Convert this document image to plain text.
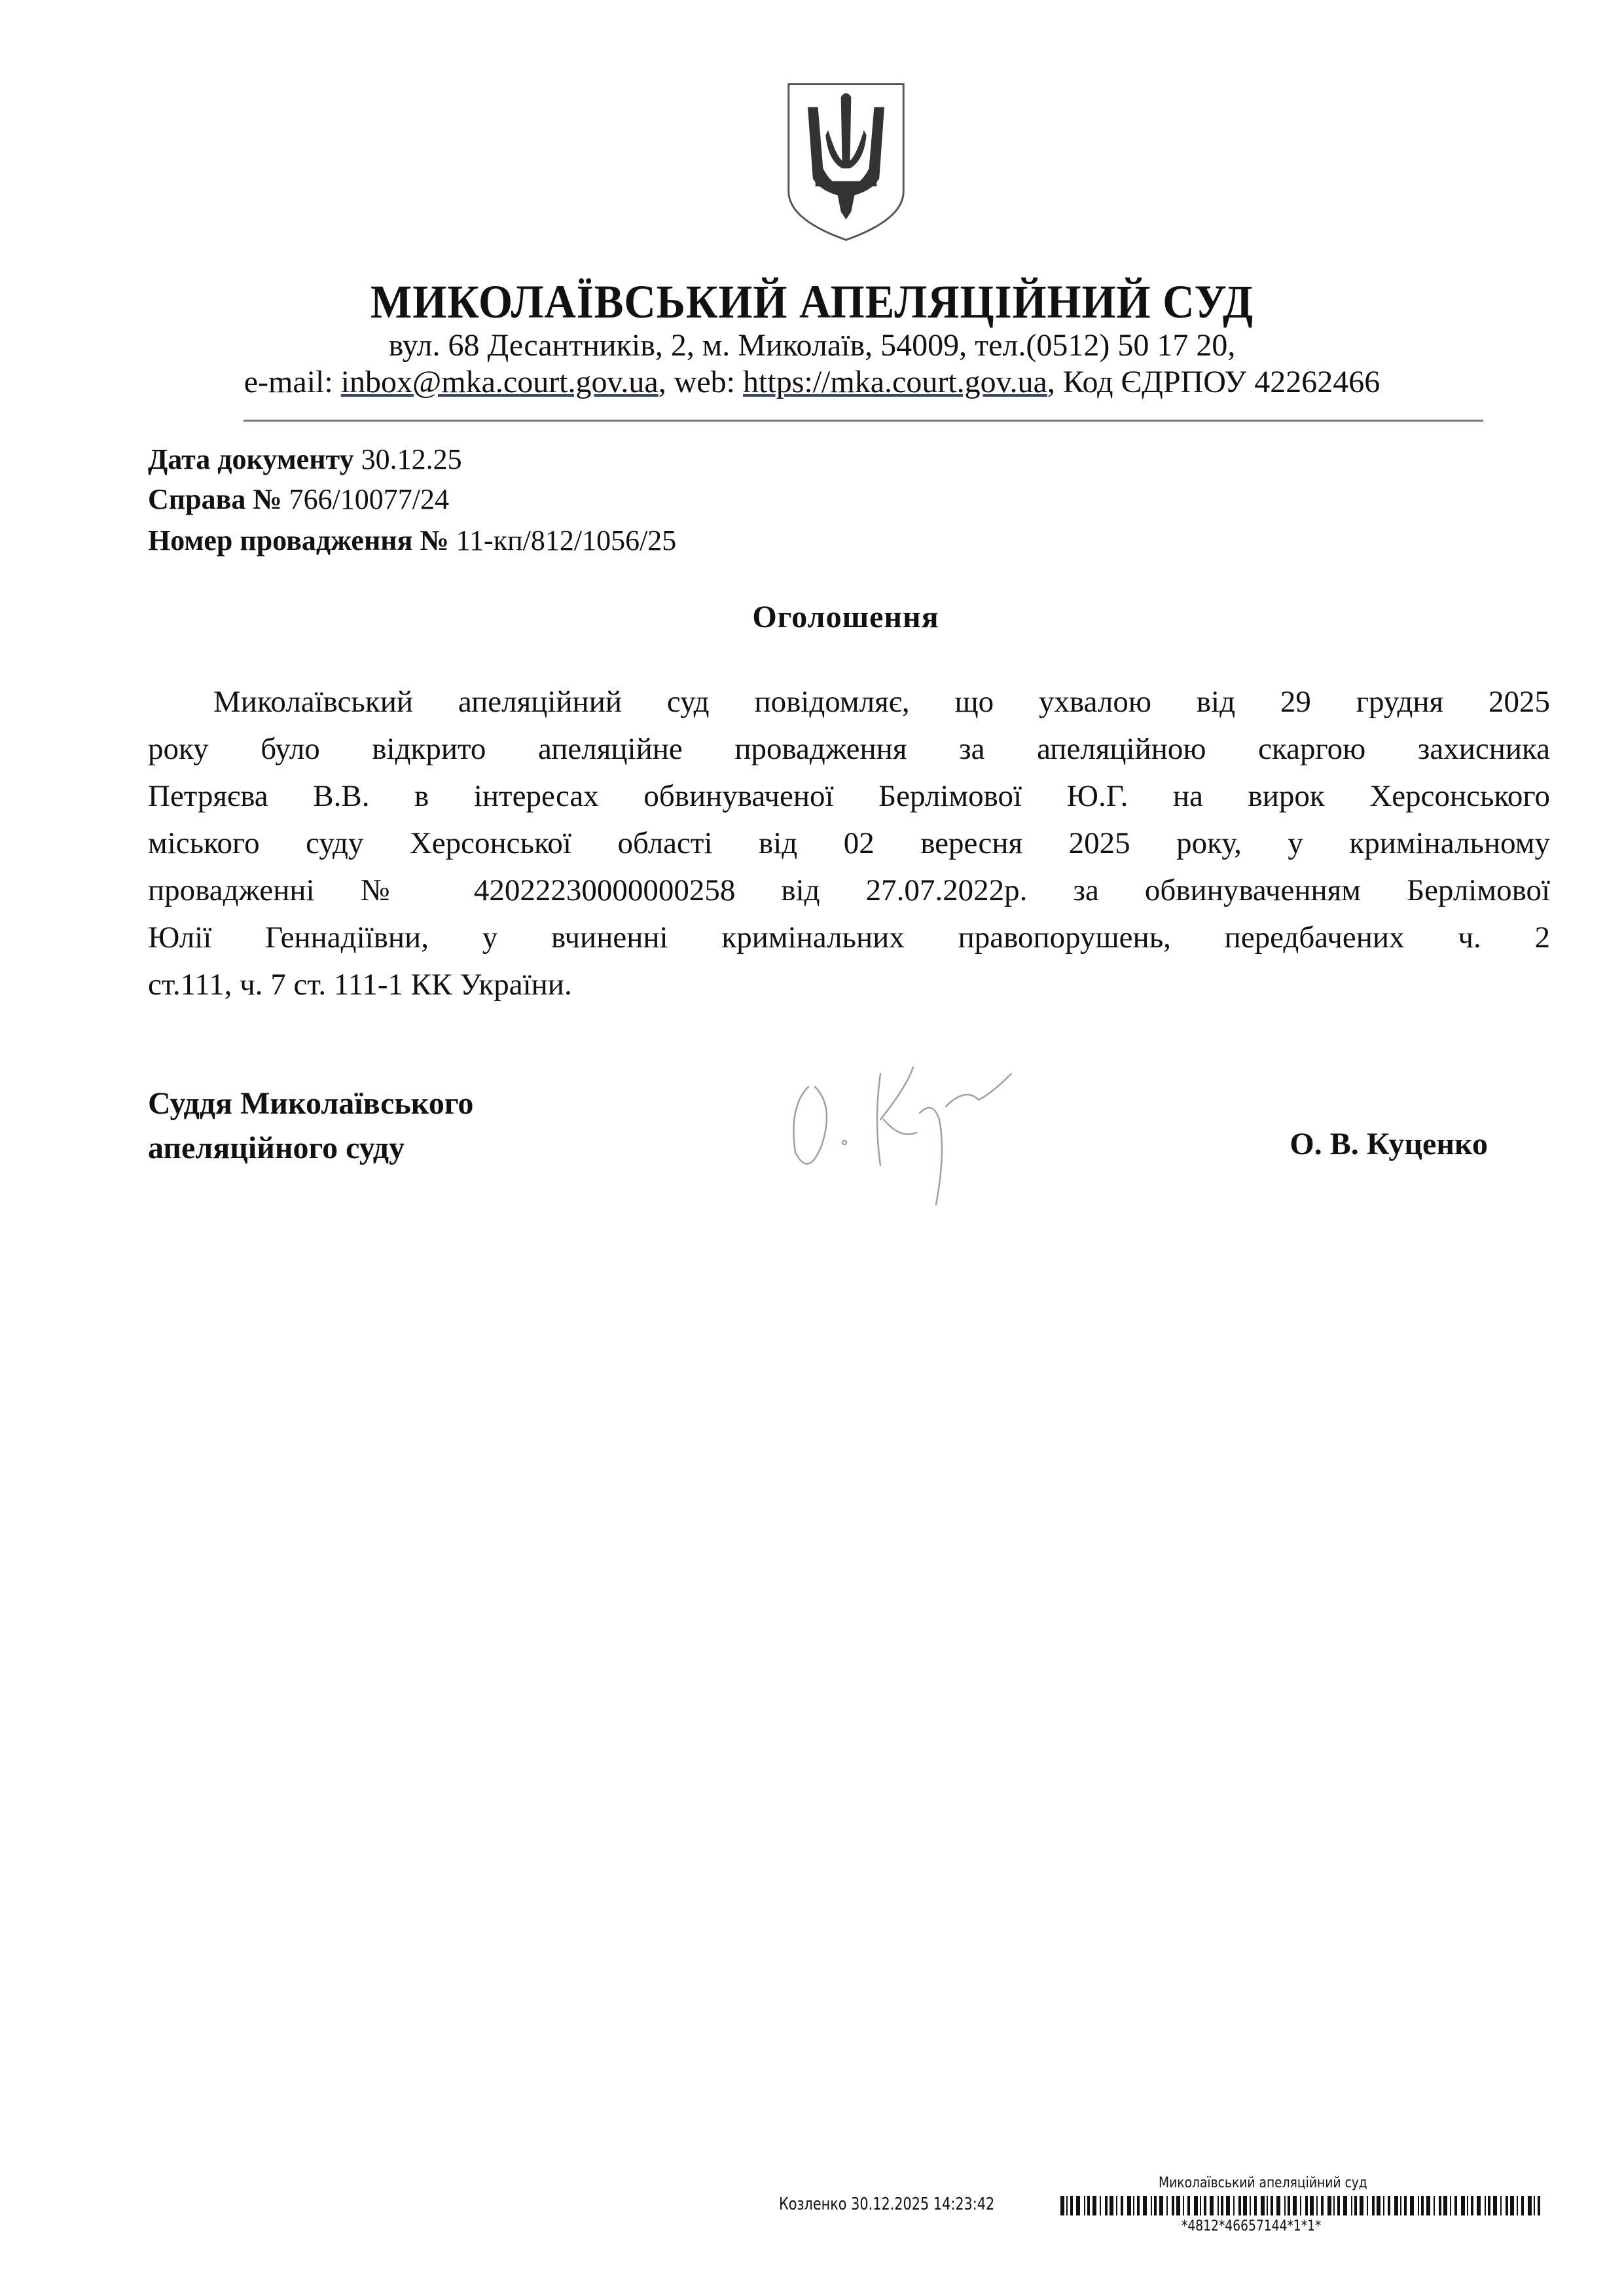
МИКОЛАЇВСЬКИЙ АПЕЛЯЦІЙНИЙ СУД
вул. 68 Десантників, 2, м. Миколаїв, 54009, тел.(0512) 50 17 20,
e-mail: inbox@mka.court.gov.ua, web: https://mka.court.gov.ua, Код ЄДРПОУ 42262466
Дата документу 30.12.25
Справа № 766/10077/24
Номер провадження № 11-кп/812/1056/25
Оголошення
Миколаївський апеляційний суд повідомляє, що ухвалою від 29 грудня 2025
року було відкрито апеляційне провадження за апеляційною скаргою захисника
Петряєва В.В. в інтересах обвинуваченої Берлімової Ю.Г. на вирок Херсонського
міського суду Херсонської області від 02 вересня 2025 року, у кримінальному
провадженні № 42022230000000258 від 27.07.2022р. за обвинуваченням Берлімової
Юлії Геннадіївни, у вчиненні кримінальних правопорушень, передбачених ч. 2
ст.111, ч. 7 ст. 111-1 КК України.
Суддя Миколаївського
апеляційного суду	О. В. Куценко
Миколаївський апеляційний суд
Козленко 30.12.2025 14:23:42
*4812*46657144*1*1*
